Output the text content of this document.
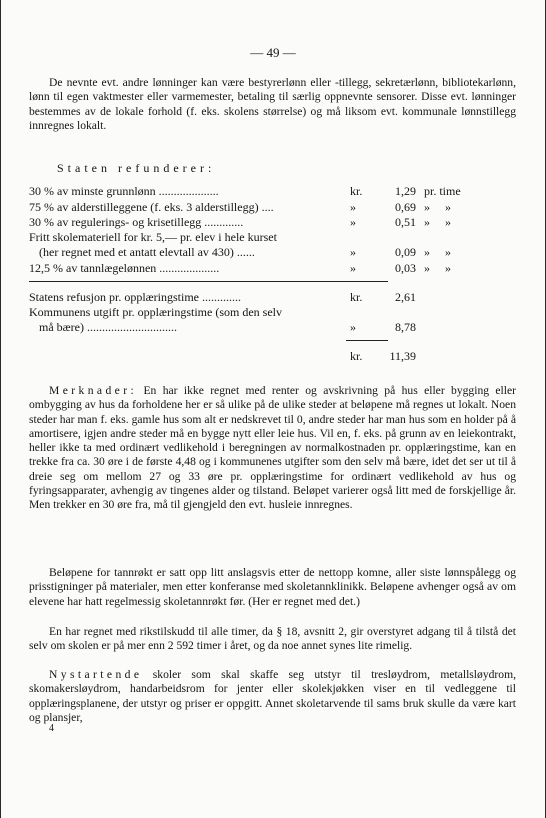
— 49 —

De nevnte evt. andre lønninger kan være bestyrerlønn eller -tillegg, sekretærlønn, bibliotekarlønn, lønn til egen vaktmester eller varmemester, betaling til særlig oppnevnte sensorer. Disse evt. lønninger bestemmes av de lokale forhold (f. eks. skolens størrelse) og må liksom evt. kommunale lønnstillegg innregnes lokalt.

Staten refunderer:

30 % av minste grunnlønn ....................	kr.	1,29 pr. time
75 % av alderstilleggene (f. eks. 3 alderstillegg) ....	»	0,69 » »
30 % av regulerings- og krisetillegg .............	»	0,51 » »
Fritt skolemateriell for kr. 5,— pr. elev i hele kurset
(her regnet med et antatt elevtall av 430) ......	»	0,09 » »
12,5 % av tannlægelønnen ....................	»	0,03 » »
Statens refusjon pr. opplæringstime .............	kr.	2,61
Kommunens utgift pr. opplæringstime (som den selv
må bære) ..............................	»	8,78
kr.	11,39

Merknader: En har ikke regnet med renter og avskrivning på hus eller bygging eller ombygging av hus da forholdene her er så ulike på de ulike steder at beløpene må regnes ut lokalt. Noen steder har man f. eks. gamle hus som alt er nedskrevet til 0, andre steder har man hus som en holder på å amortisere, igjen andre steder må en bygge nytt eller leie hus. Vil en, f. eks. på grunn av en leiekontrakt, heller ikke ta med ordinært vedlikehold i beregningen av normalkostnaden pr. opplæringstime, kan en trekke fra ca. 30 øre i de første 4,48 og i kommunenes utgifter som den selv må bære, idet det ser ut til å dreie seg om mellom 27 og 33 øre pr. opplæringstime for ordinært vedlikehold av hus og fyringsapparater, avhengig av tingenes alder og tilstand. Beløpet varierer også litt med de forskjellige år. Men trekker en 30 øre fra, må til gjengjeld den evt. husleie innregnes.

Beløpene for tannrøkt er satt opp litt anslagsvis etter de nettopp komne, aller siste lønnspålegg og prisstigninger på materialer, men etter konferanse med skoletannklinikk. Beløpene avhenger også av om elevene har hatt regelmessig skoletannrøkt før. (Her er regnet med det.)

En har regnet med rikstilskudd til alle timer, da § 18, avsnitt 2, gir overstyret adgang til å tilstå det selv om skolen er på mer enn 2 592 timer i året, og da noe annet synes lite rimelig.

Nystartende skoler som skal skaffe seg utstyr til tresløydrom, metallsløydrom, skomakersløydrom, handarbeidsrom for jenter eller skolekjøkken viser en til vedleggene til opplæringsplanene, der utstyr og priser er oppgitt. Annet skoletarvende til sams bruk skulle da være kart og plansjer,

4
